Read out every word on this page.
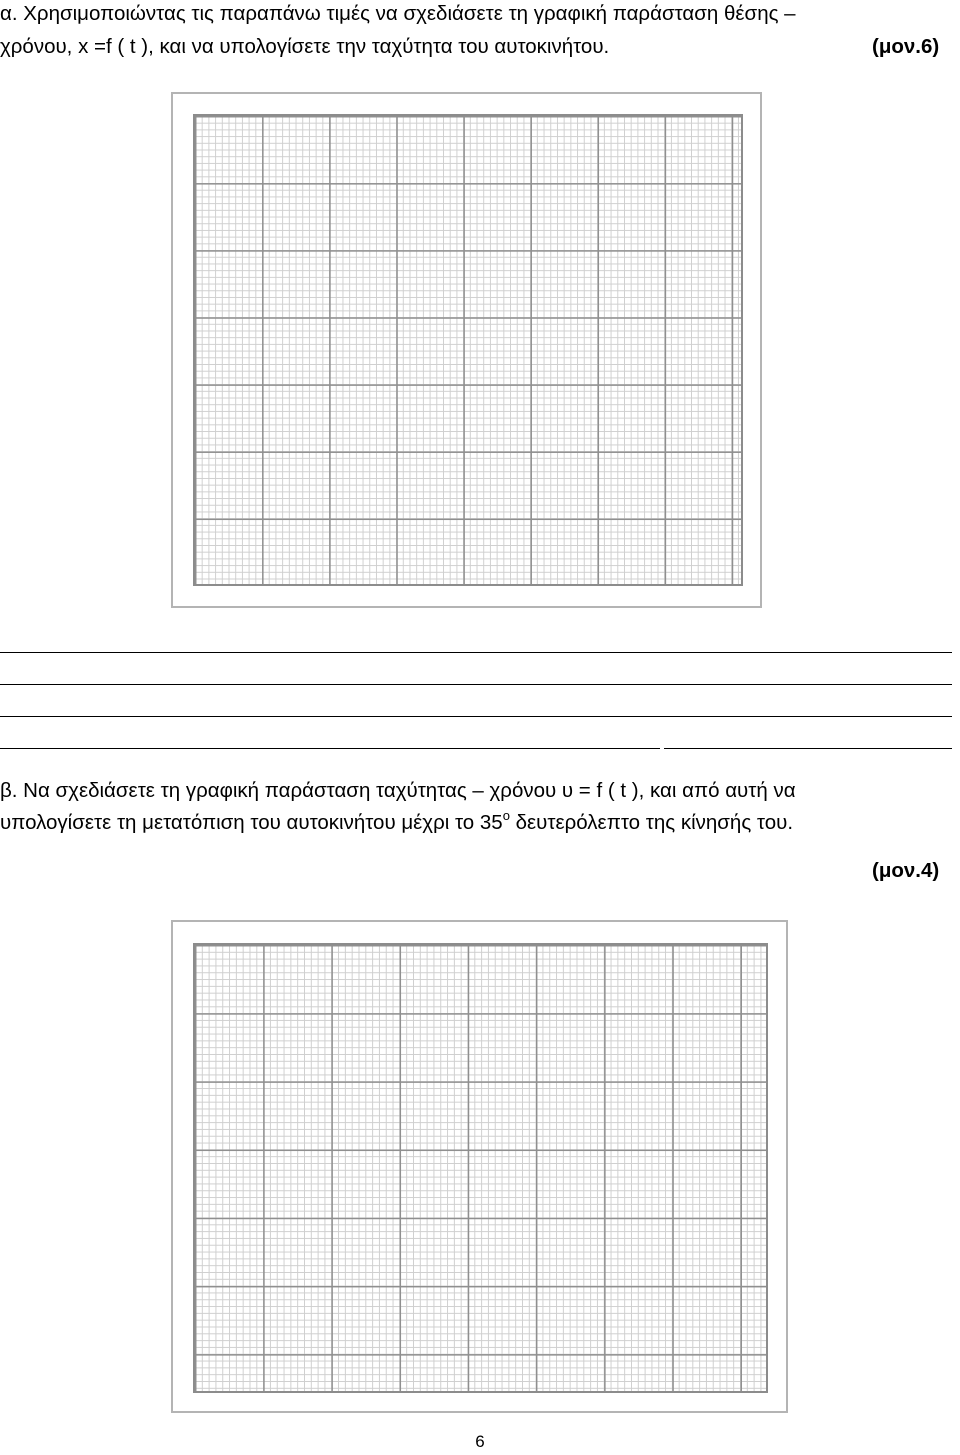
α. Χρησιμοποιώντας τις παραπάνω τιμές να σχεδιάσετε τη γραφική παράσταση θέσης –
χρόνου, x =f ( t ), και να υπολογίσετε την ταχύτητα του αυτοκινήτου.	(μον.6)
β. Να σχεδιάσετε τη γραφική παράσταση ταχύτητας – χρόνου υ = f ( t ), και από αυτή να
υπολογίσετε τη μετατόπιση του αυτοκινήτου μέχρι το $35^o$ δευτερόλεπτο της κίνησής του.
(μον.4)
6
